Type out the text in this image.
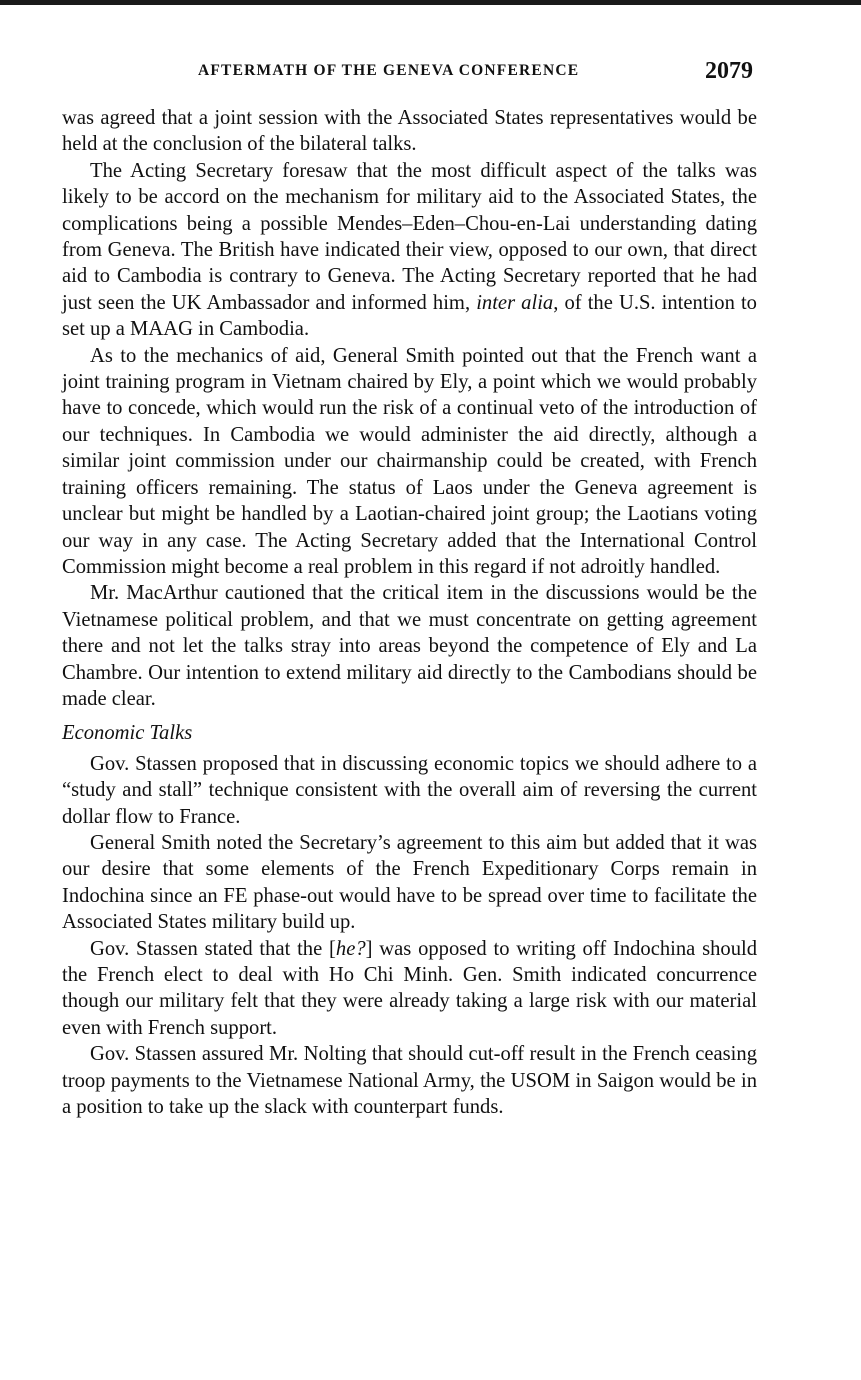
AFTERMATH OF THE GENEVA CONFERENCE	2079

was agreed that a joint session with the Associated States representatives would be held at the conclusion of the bilateral talks.

The Acting Secretary foresaw that the most difficult aspect of the talks was likely to be accord on the mechanism for military aid to the Associated States, the complications being a possible Mendes–Eden–Chou-en-Lai understanding dating from Geneva. The British have indicated their view, opposed to our own, that direct aid to Cambodia is contrary to Geneva. The Acting Secretary reported that he had just seen the UK Ambassador and informed him, inter alia, of the U.S. intention to set up a MAAG in Cambodia.

As to the mechanics of aid, General Smith pointed out that the French want a joint training program in Vietnam chaired by Ely, a point which we would probably have to concede, which would run the risk of a continual veto of the introduction of our techniques. In Cambodia we would administer the aid directly, although a similar joint commission under our chairmanship could be created, with French training officers remaining. The status of Laos under the Geneva agreement is unclear but might be handled by a Laotian-chaired joint group; the Laotians voting our way in any case. The Acting Secretary added that the International Control Commission might become a real problem in this regard if not adroitly handled.

Mr. MacArthur cautioned that the critical item in the discussions would be the Vietnamese political problem, and that we must concentrate on getting agreement there and not let the talks stray into areas beyond the competence of Ely and La Chambre. Our intention to extend military aid directly to the Cambodians should be made clear.

Economic Talks

Gov. Stassen proposed that in discussing economic topics we should adhere to a “study and stall” technique consistent with the overall aim of reversing the current dollar flow to France.

General Smith noted the Secretary’s agreement to this aim but added that it was our desire that some elements of the French Expeditionary Corps remain in Indochina since an FE phase-out would have to be spread over time to facilitate the Associated States military build up.

Gov. Stassen stated that the [he?] was opposed to writing off Indochina should the French elect to deal with Ho Chi Minh. Gen. Smith indicated concurrence though our military felt that they were already taking a large risk with our material even with French support.

Gov. Stassen assured Mr. Nolting that should cut-off result in the French ceasing troop payments to the Vietnamese National Army, the USOM in Saigon would be in a position to take up the slack with counterpart funds.
